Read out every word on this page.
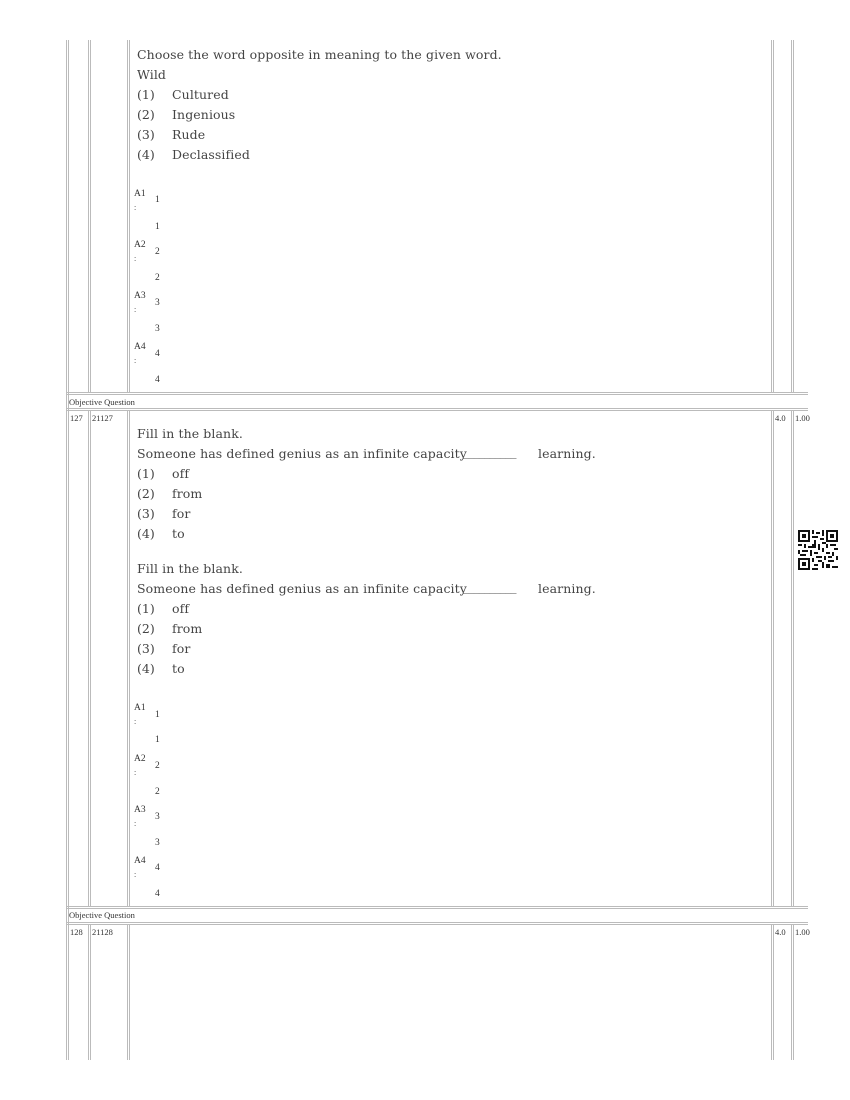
Choose the word opposite in meaning to the given word.
Wild
(1) Cultured
(2) Ingenious
(3) Rude
(4) Declassified
A1
:
1
1
A2
:
2
2
A3
:
3
3
A4
:
4
4
Objective Question
127 21127	4.0 1.00
Fill in the blank.
Someone has defined genius as an infinite capacity
__________ learning.
(1) off
(2) from
(3) for
(4) to
Fill in the blank.
Someone has defined genius as an infinite capacity
__________ learning.
(1) off
(2) from
(3) for
(4) to
A1
:
1
1
A2
:
2
2
A3
:
3
3
A4
:
4
4
Objective Question
128 21128	4.0 1.00
